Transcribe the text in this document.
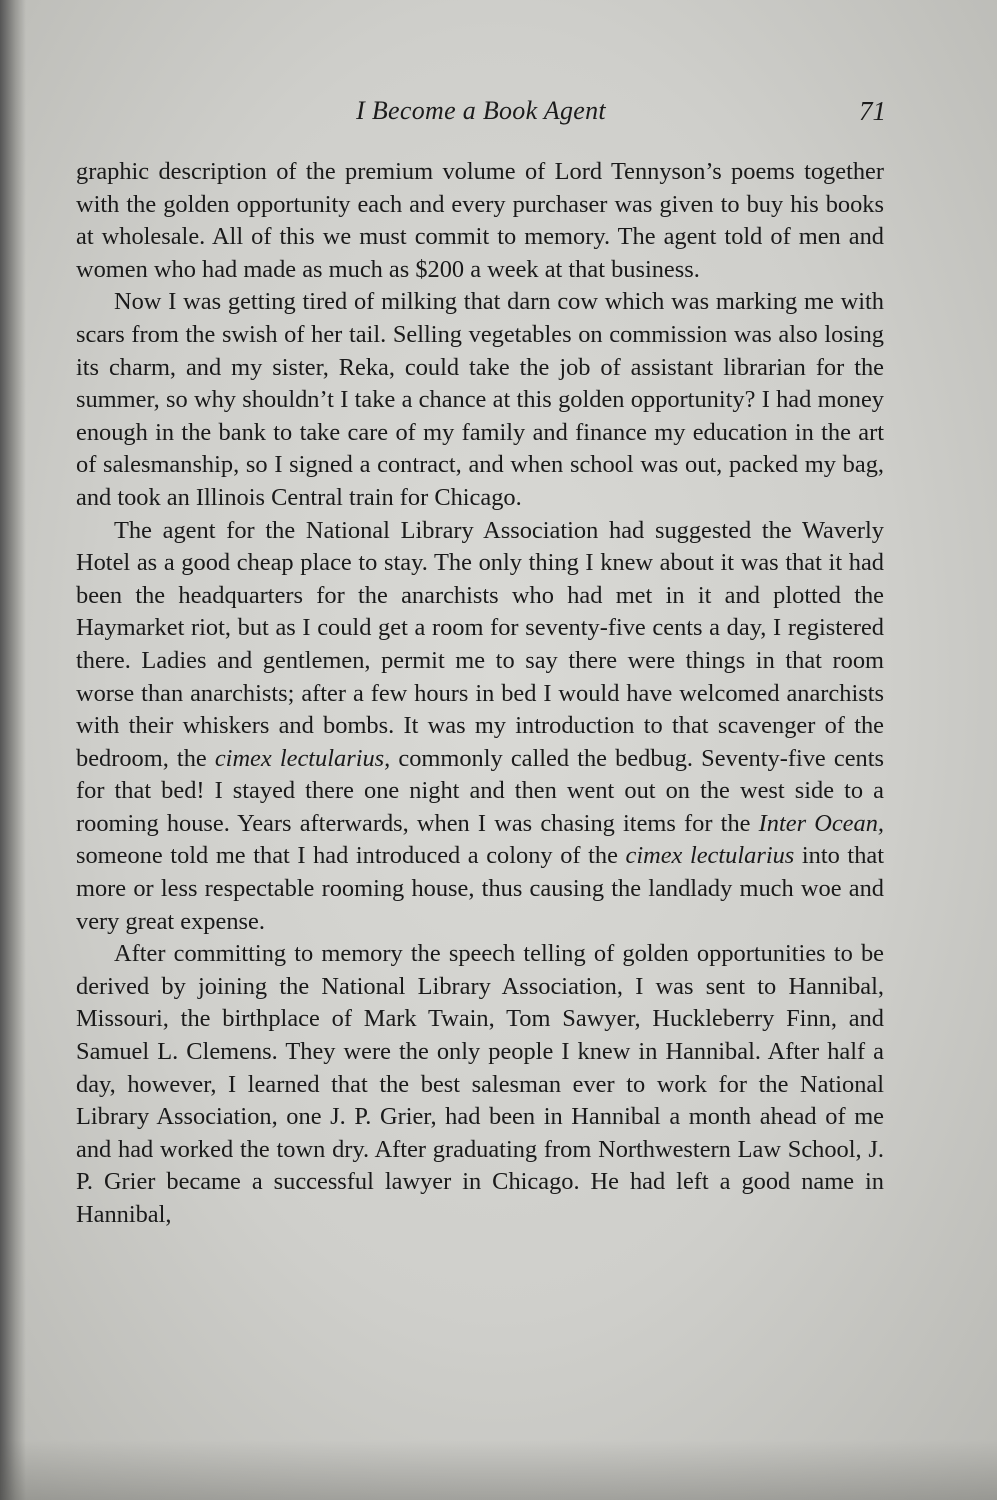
I Become a Book Agent	71

graphic description of the premium volume of Lord Tennyson’s poems together with the golden opportunity each and every purchaser was given to buy his books at wholesale. All of this we must commit to memory. The agent told of men and women who had made as much as $200 a week at that business.

Now I was getting tired of milking that darn cow which was marking me with scars from the swish of her tail. Selling vegetables on commission was also losing its charm, and my sister, Reka, could take the job of assistant librarian for the summer, so why shouldn’t I take a chance at this golden opportunity? I had money enough in the bank to take care of my family and finance my education in the art of salesmanship, so I signed a contract, and when school was out, packed my bag, and took an Illinois Central train for Chicago.

The agent for the National Library Association had suggested the Waverly Hotel as a good cheap place to stay. The only thing I knew about it was that it had been the headquarters for the anarchists who had met in it and plotted the Haymarket riot, but as I could get a room for seventy-five cents a day, I registered there. Ladies and gentlemen, permit me to say there were things in that room worse than anarchists; after a few hours in bed I would have welcomed anarchists with their whiskers and bombs. It was my introduction to that scavenger of the bedroom, the cimex lectularius, commonly called the bedbug. Seventy-five cents for that bed! I stayed there one night and then went out on the west side to a rooming house. Years afterwards, when I was chasing items for the Inter Ocean, someone told me that I had introduced a colony of the cimex lectularius into that more or less respectable rooming house, thus causing the landlady much woe and very great expense.

After committing to memory the speech telling of golden opportunities to be derived by joining the National Library Association, I was sent to Hannibal, Missouri, the birthplace of Mark Twain, Tom Sawyer, Huckleberry Finn, and Samuel L. Clemens. They were the only people I knew in Hannibal. After half a day, however, I learned that the best salesman ever to work for the National Library Association, one J. P. Grier, had been in Hannibal a month ahead of me and had worked the town dry. After graduating from Northwestern Law School, J. P. Grier became a successful lawyer in Chicago. He had left a good name in Hannibal,
